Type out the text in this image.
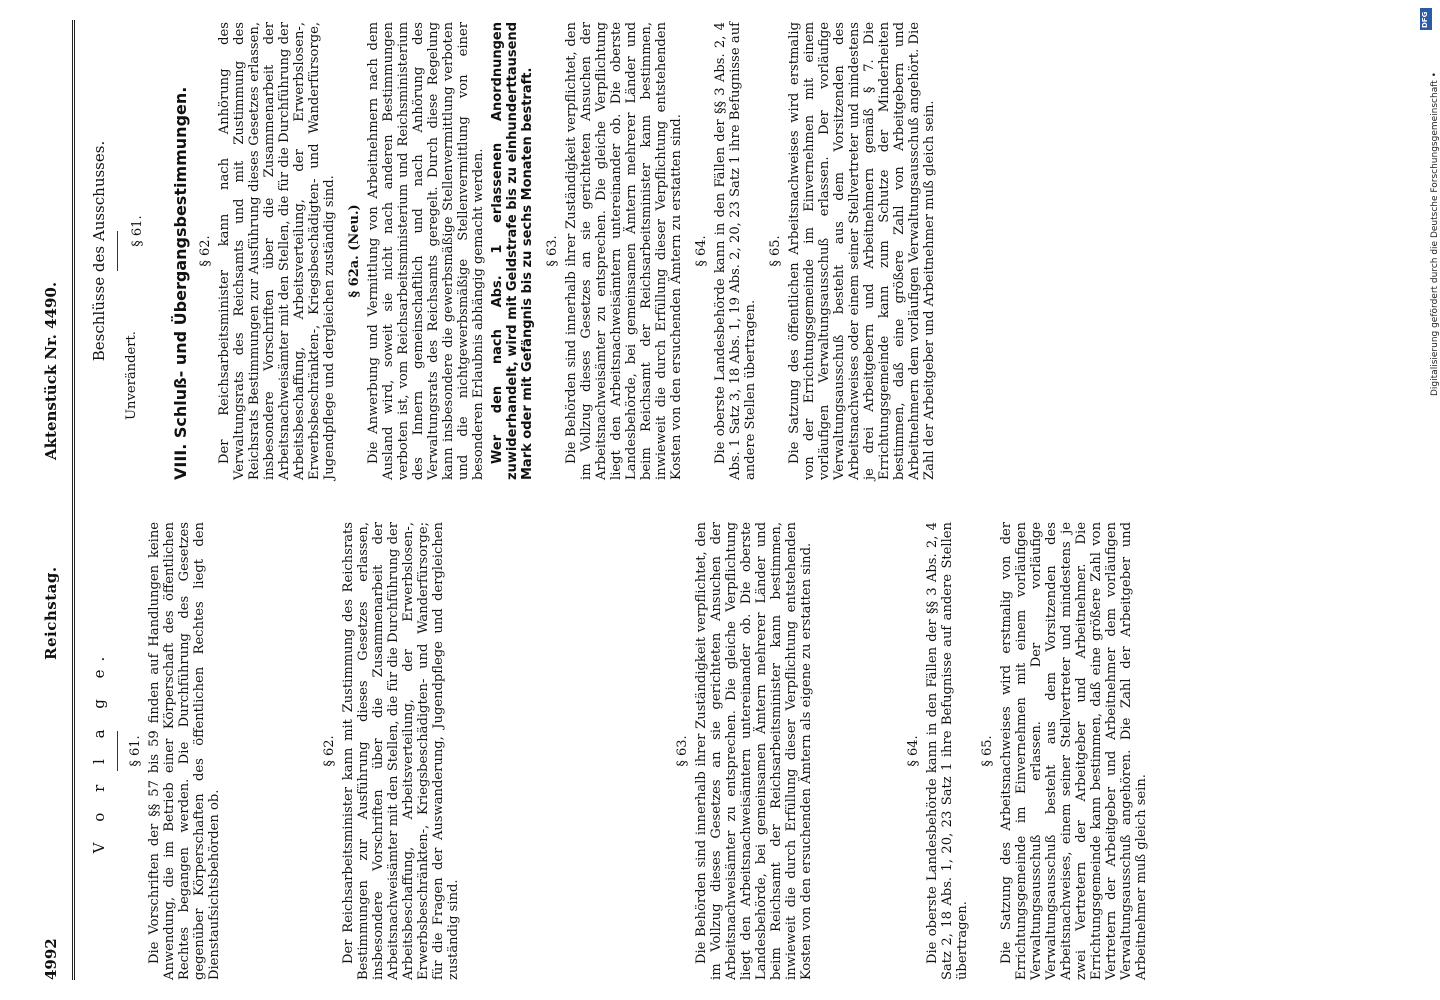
4992
Reichstag.
Aktenstück Nr. 4490.
V o r l a g e. § 61. Die Vorschriften der §§ 57 bis 59 finden auf Handlungen keine Anwendung, die im Betrieb einer Körperschaft des öffentlichen Rechtes begangen werden. Die Durchführung des Gesetzes gegenüber Körperschaften des öffentlichen Rechtes liegt den Dienstaufsichtsbehörden ob.

§ 62. Der Reichsarbeitsminister kann mit Zustimmung des Reichsrats Bestimmungen zur Ausführung dieses Gesetzes erlassen, insbesondere Vorschriften über die Zusammenarbeit der Arbeitsnachweisämter mit den Stellen, die für die Durchführung der Arbeitsbeschaffung, Arbeitsverteilung, der Erwerbslosen-, Erwerbsbeschränkten-, Kriegsbeschädigten- und Wanderfürsorge; für die Fragen der Auswanderung, Jugendpflege und dergleichen zuständig sind.

§ 63. Die Behörden sind innerhalb ihrer Zuständigkeit verpflichtet, den im Vollzug dieses Gesetzes an sie gerichteten Ansuchen der Arbeitsnachweisämter zu entsprechen. Die gleiche Verpflichtung liegt den Arbeitsnachweisämtern untereinander ob. Die oberste Landesbehörde, bei gemeinsamen Ämtern mehrerer Länder und beim Reichsamt der Reichsarbeitsminister kann bestimmen, inwieweit die durch Erfüllung dieser Verpflichtung entstehenden Kosten von den ersuchenden Ämtern als eigene zu erstatten sind.	§ 64. Die oberste Landesbehörde kann in den Fällen der §§ 3 Abs. 2, 4 Satz 2, 18 Abs. 1, 20, 23 Satz 1 ihre Befugnisse auf andere Stellen übertragen.

§ 65. Die Satzung des Arbeitsnachweises wird erstmalig von der Errichtungsgemeinde im Einvernehmen mit einem vorläufigen Verwaltungsausschuß erlassen. Der vorläufige Verwaltungsausschuß besteht aus dem Vorsitzenden des Arbeitsnachweises, einem seiner Stellvertreter und mindestens je zwei Vertretern der Arbeitgeber und Arbeitnehmer. Die Errichtungsgemeinde kann bestimmen, daß eine größere Zahl von Vertretern der Arbeitgeber und Arbeitnehmer dem vorläufigen Verwaltungsausschuß angehören. Die Zahl der Arbeitgeber und Arbeitnehmer muß gleich sein.

Beschlüsse des Ausschusses.
Unverändert.
§ 61. VIII. Schluß- und Übergangsbestimmungen. § 62. Der Reichsarbeitsminister kann nach Anhörung des Verwaltungsrats des Reichsamts und mit Zustimmung des Reichsrats Bestimmungen zur Ausführung dieses Gesetzes erlassen, insbesondere Vorschriften über die Zusammenarbeit der Arbeitsnachweisämter mit den Stellen, die für die Durchführung der Arbeitsbeschaffung, Arbeitsverteilung, der Erwerbslosen-, Erwerbsbeschränkten-, Kriegsbeschädigten- und Wanderfürsorge, Jugendpflege und dergleichen zuständig sind. § 62a. (Neu.) Die Anwerbung und Vermittlung von Arbeitnehmern nach dem Ausland wird, soweit sie nicht nach anderen Bestimmungen verboten ist, vom Reichsarbeitsministerium und Reichsministerium des Innern gemeinschaftlich und nach Anhörung des Verwaltungsrats des Reichsamts geregelt. Durch diese Regelung kann insbesondere die gewerbsmäßige Stellenvermittlung verboten und die nichtgewerbsmäßige Stellenvermittlung von einer besonderen Erlaubnis abhängig gemacht werden. Wer den nach Abs. 1 erlassenen Anordnungen zuwiderhandelt, wird mit Geldstrafe bis zu einhunderttausend Mark oder mit Gefängnis bis zu sechs Monaten bestraft. § 63. Die Behörden sind innerhalb ihrer Zuständigkeit verpflichtet, den im Vollzug dieses Gesetzes an sie gerichteten Ansuchen der Arbeitsnachweisämter zu entsprechen. Die gleiche Verpflichtung liegt den Arbeitsnachweisämtern untereinander ob. Die oberste Landesbehörde, bei gemeinsamen Ämtern mehrerer Länder und beim Reichsamt der Reichsarbeitsminister kann bestimmen, inwieweit die durch Erfüllung dieser Verpflichtung entstehenden Kosten von den ersuchenden Ämtern zu erstatten sind. § 64. Die oberste Landesbehörde kann in den Fällen der §§ 3 Abs. 2, 4 Abs. 1 Satz 3, 18 Abs. 1, 19 Abs. 2, 20, 23 Satz 1 ihre Befugnisse auf andere Stellen übertragen.

§ 65. Die Satzung des öffentlichen Arbeitsnachweises wird erstmalig von der Errichtungsgemeinde im Einvernehmen mit einem vorläufigen Verwaltungsausschuß erlassen. Der vorläufige Verwaltungsausschuß besteht aus dem Vorsitzenden des Arbeitsnachweises oder einem seiner Stellvertreter und mindestens je drei Arbeitgebern und Arbeitnehmern gemäß § 7. Die Errichtungsgemeinde kann zum Schutze der Minderheiten bestimmen, daß eine größere Zahl von Arbeitgebern und Arbeitnehmern dem vorläufigen Verwaltungsausschuß angehört. Die Zahl der Arbeitgeber und Arbeitnehmer muß gleich sein.	Digitalisierung gefördert durch die Deutsche Forschungsgemeinschaft •
DFG
